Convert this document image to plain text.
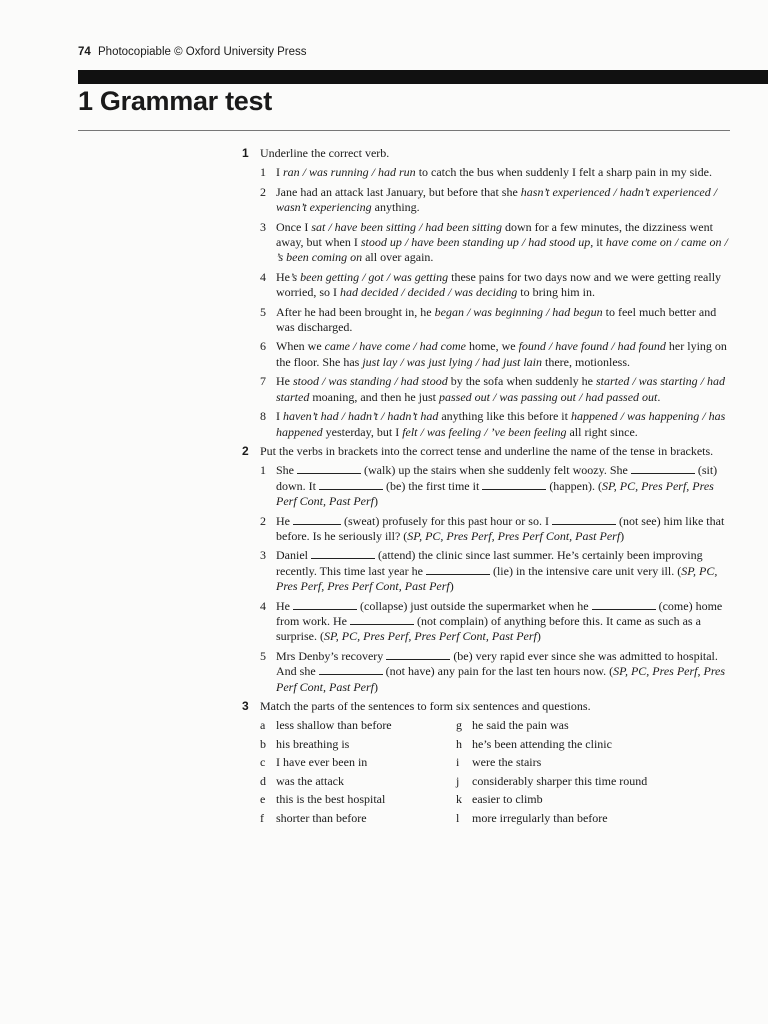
74 Photocopiable © Oxford University Press
1 Grammar test
1 Underline the correct verb.
1 I ran / was running / had run to catch the bus when suddenly I felt a sharp pain in my side.
2 Jane had an attack last January, but before that she hasn’t experienced / hadn’t experienced / wasn’t experiencing anything.
3 Once I sat / have been sitting / had been sitting down for a few minutes, the dizziness went away, but when I stood up / have been standing up / had stood up, it have come on / came on / ’s been coming on all over again.
4 He’s been getting / got / was getting these pains for two days now and we were getting really worried, so I had decided / decided / was deciding to bring him in.
5 After he had been brought in, he began / was beginning / had begun to feel much better and was discharged.
6 When we came / have come / had come home, we found / have found / had found her lying on the floor. She has just lay / was just lying / had just lain there, motionless.
7 He stood / was standing / had stood by the sofa when suddenly he started / was starting / had started moaning, and then he just passed out / was passing out / had passed out.
8 I haven’t had / hadn’t / hadn’t had anything like this before it happened / was happening / has happened yesterday, but I felt / was feeling / ’ve been feeling all right since.
2 Put the verbs in brackets into the correct tense and underline the name of the tense in brackets.
1 She	(walk) up the stairs when she suddenly felt woozy. She	(sit) down. It	(be) the first time it	(happen). (SP, PC, Pres Perf, Pres Perf Cont, Past Perf)
2 He	(sweat) profusely for this past hour or so. I	(not see) him like that before. Is he seriously ill? (SP, PC, Pres Perf, Pres Perf Cont, Past Perf)
3 Daniel	(attend) the clinic since last summer. He’s certainly been improving recently. This time last year he	(lie) in the intensive care unit very ill. (SP, PC, Pres Perf, Pres Perf Cont, Past Perf)
4 He	(collapse) just outside the supermarket when he	(come) home from work. He	(not complain) of anything before this. It came as such as a surprise. (SP, PC, Pres Perf, Pres Perf Cont, Past Perf)
5 Mrs Denby’s recovery	(be) very rapid ever since she was admitted to hospital. And she	(not have) any pain for the last ten hours now. (SP, PC, Pres Perf, Pres Perf Cont, Past Perf)
3 Match the parts of the sentences to form six sentences and questions.
a less shallow than before
b his breathing is
c I have ever been in
d was the attack
e this is the best hospital
f shorter than before
g he said the pain was
h he’s been attending the clinic
i were the stairs
j considerably sharper this time round
k easier to climb
l more irregularly than before
